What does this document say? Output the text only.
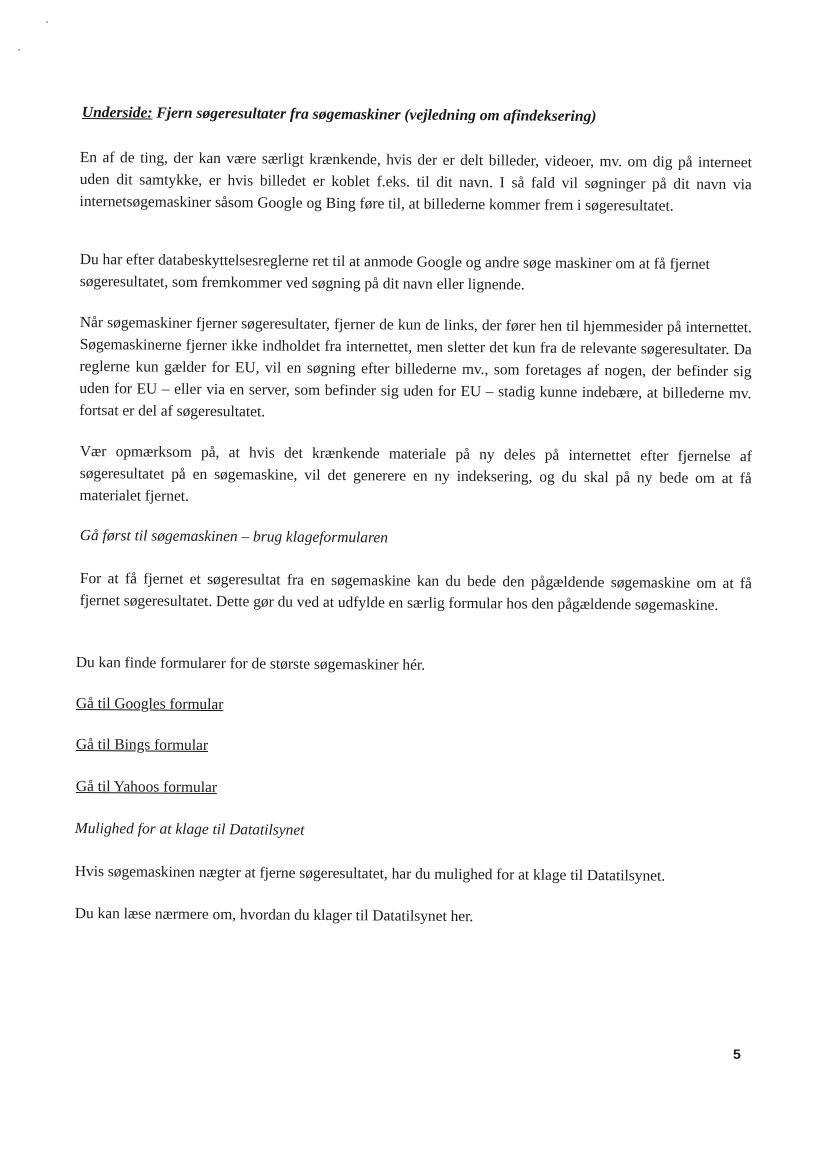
Underside: Fjern søgeresultater fra søgemaskiner (vejledning om afindeksering)
En af de ting, der kan være særligt krænkende, hvis der er delt billeder, videoer, mv. om dig på interneet uden dit samtykke, er hvis billedet er koblet f.eks. til dit navn. I så fald vil søgninger på dit navn via internetsøgemaskiner såsom Google og Bing føre til, at billederne kommer frem i søgeresultatet.
Du har efter databeskyttelsesreglerne ret til at anmode Google og andre søge maskiner om at få fjernet søgeresultatet, som fremkommer ved søgning på dit navn eller lignende.
Når søgemaskiner fjerner søgeresultater, fjerner de kun de links, der fører hen til hjemmesider på internettet. Søgemaskinerne fjerner ikke indholdet fra internettet, men sletter det kun fra de relevante søgeresultater. Da reglerne kun gælder for EU, vil en søgning efter billederne mv., som foretages af nogen, der befinder sig uden for EU – eller via en server, som befinder sig uden for EU – stadig kunne indebære, at billederne mv. fortsat er del af søgeresultatet.
Vær opmærksom på, at hvis det krænkende materiale på ny deles på internettet efter fjernelse af søgeresultatet på en søgemaskine, vil det generere en ny indeksering, og du skal på ny bede om at få materialet fjernet.
Gå først til søgemaskinen – brug klageformularen
For at få fjernet et søgeresultat fra en søgemaskine kan du bede den pågældende søgemaskine om at få fjernet søgeresultatet. Dette gør du ved at udfylde en særlig formular hos den pågældende søgemaskine.
Du kan finde formularer for de største søgemaskiner hér.
Gå til Googles formular
Gå til Bings formular
Gå til Yahoos formular
Mulighed for at klage til Datatilsynet
Hvis søgemaskinen nægter at fjerne søgeresultatet, har du mulighed for at klage til Datatilsynet.
Du kan læse nærmere om, hvordan du klager til Datatilsynet her.
5
